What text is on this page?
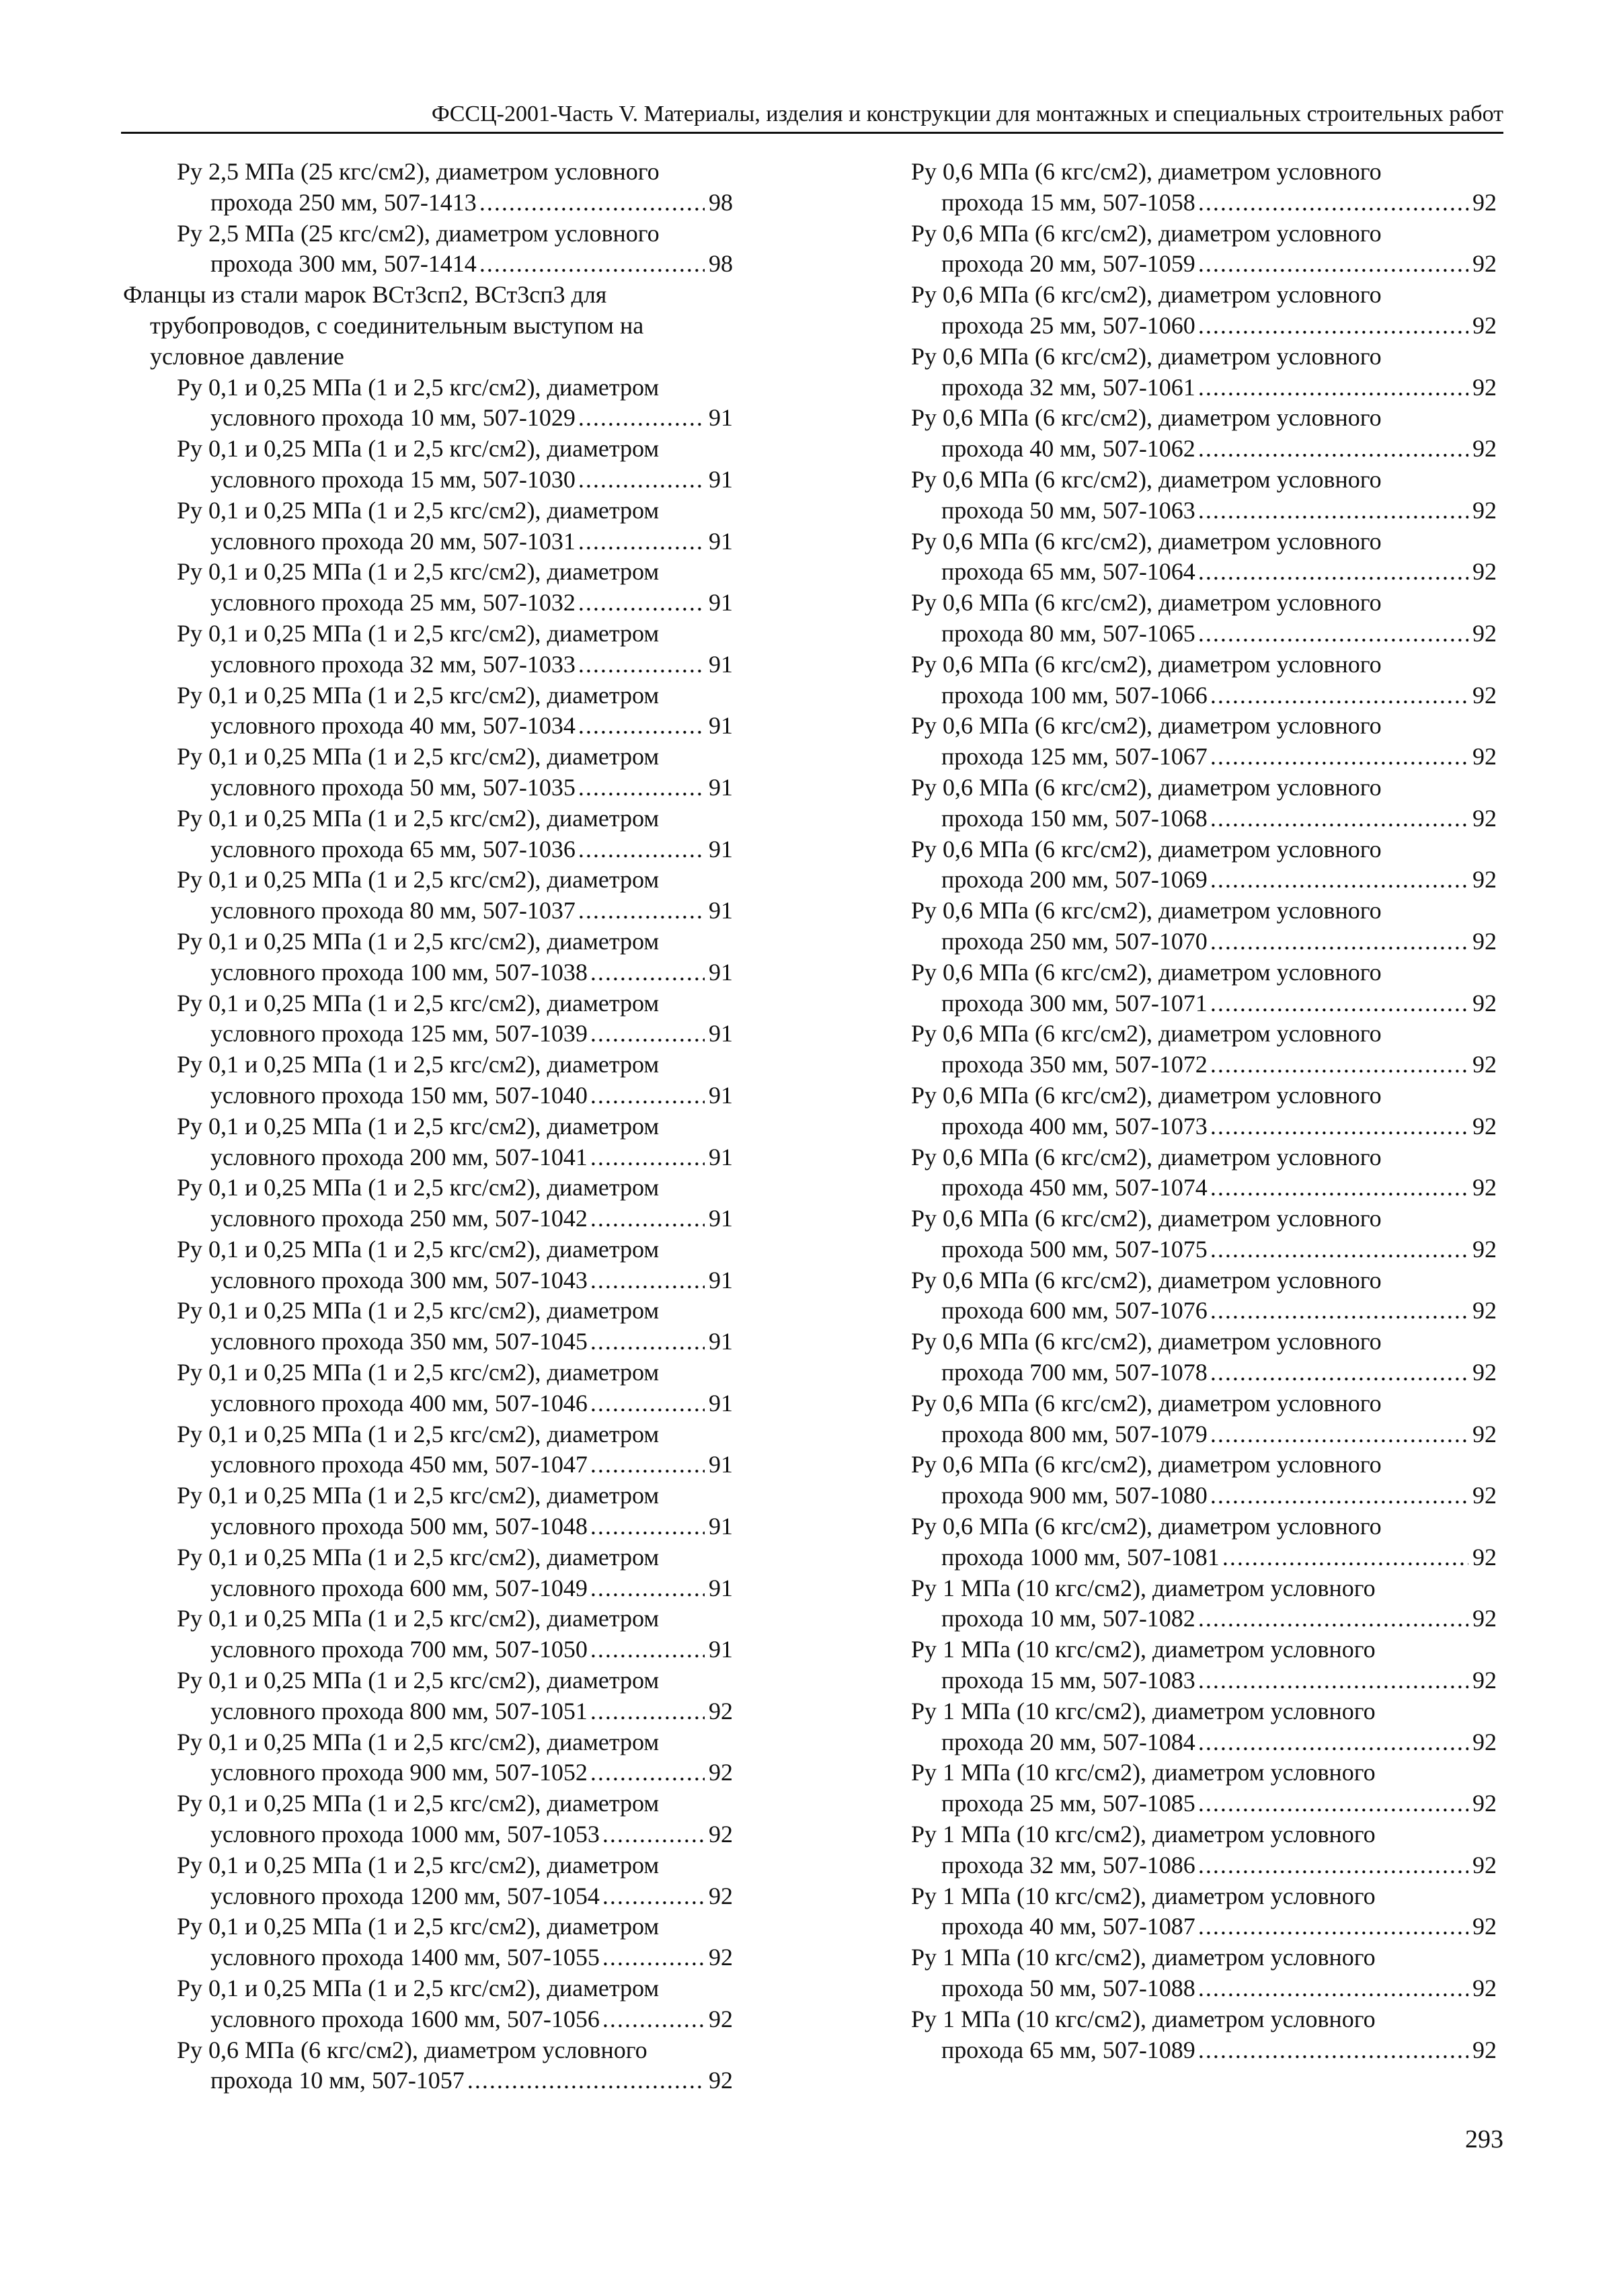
ФССЦ-2001-Часть V. Материалы, изделия и конструкции для монтажных и специальных строительных работ
Ру 2,5 МПа (25 кгс/см2), диаметром условного
прохода 250 мм, 507-1413 .....	98
Ру 2,5 МПа (25 кгс/см2), диаметром условного
прохода 300 мм, 507-1414 .....	98
Фланцы из стали марок ВСт3сп2, ВСт3сп3 для
трубопроводов, с соединительным выступом на
условное давление
Ру 0,1 и 0,25 МПа (1 и 2,5 кгс/см2), диаметром
условного прохода 10 мм, 507-1029 .....	91
Ру 0,1 и 0,25 МПа (1 и 2,5 кгс/см2), диаметром
условного прохода 15 мм, 507-1030 .....	91
Ру 0,1 и 0,25 МПа (1 и 2,5 кгс/см2), диаметром
условного прохода 20 мм, 507-1031 .....	91
Ру 0,1 и 0,25 МПа (1 и 2,5 кгс/см2), диаметром
условного прохода 25 мм, 507-1032 .....	91
Ру 0,1 и 0,25 МПа (1 и 2,5 кгс/см2), диаметром
условного прохода 32 мм, 507-1033 .....	91
Ру 0,1 и 0,25 МПа (1 и 2,5 кгс/см2), диаметром
условного прохода 40 мм, 507-1034 .....	91
Ру 0,1 и 0,25 МПа (1 и 2,5 кгс/см2), диаметром
условного прохода 50 мм, 507-1035 .....	91
Ру 0,1 и 0,25 МПа (1 и 2,5 кгс/см2), диаметром
условного прохода 65 мм, 507-1036 .....	91
Ру 0,1 и 0,25 МПа (1 и 2,5 кгс/см2), диаметром
условного прохода 80 мм, 507-1037 .....	91
Ру 0,1 и 0,25 МПа (1 и 2,5 кгс/см2), диаметром
условного прохода 100 мм, 507-1038 .....	91
Ру 0,1 и 0,25 МПа (1 и 2,5 кгс/см2), диаметром
условного прохода 125 мм, 507-1039 .....	91
Ру 0,1 и 0,25 МПа (1 и 2,5 кгс/см2), диаметром
условного прохода 150 мм, 507-1040 .....	91
Ру 0,1 и 0,25 МПа (1 и 2,5 кгс/см2), диаметром
условного прохода 200 мм, 507-1041 .....	91
Ру 0,1 и 0,25 МПа (1 и 2,5 кгс/см2), диаметром
условного прохода 250 мм, 507-1042 .....	91
Ру 0,1 и 0,25 МПа (1 и 2,5 кгс/см2), диаметром
условного прохода 300 мм, 507-1043 .....	91
Ру 0,1 и 0,25 МПа (1 и 2,5 кгс/см2), диаметром
условного прохода 350 мм, 507-1045 .....	91
Ру 0,1 и 0,25 МПа (1 и 2,5 кгс/см2), диаметром
условного прохода 400 мм, 507-1046 .....	91
Ру 0,1 и 0,25 МПа (1 и 2,5 кгс/см2), диаметром
условного прохода 450 мм, 507-1047 .....	91
Ру 0,1 и 0,25 МПа (1 и 2,5 кгс/см2), диаметром
условного прохода 500 мм, 507-1048 .....	91
Ру 0,1 и 0,25 МПа (1 и 2,5 кгс/см2), диаметром
условного прохода 600 мм, 507-1049 .....	91
Ру 0,1 и 0,25 МПа (1 и 2,5 кгс/см2), диаметром
условного прохода 700 мм, 507-1050 .....	91
Ру 0,1 и 0,25 МПа (1 и 2,5 кгс/см2), диаметром
условного прохода 800 мм, 507-1051 .....	92
Ру 0,1 и 0,25 МПа (1 и 2,5 кгс/см2), диаметром
условного прохода 900 мм, 507-1052 .....	92
Ру 0,1 и 0,25 МПа (1 и 2,5 кгс/см2), диаметром
условного прохода 1000 мм, 507-1053 .....	92
Ру 0,1 и 0,25 МПа (1 и 2,5 кгс/см2), диаметром
условного прохода 1200 мм, 507-1054 .....	92
Ру 0,1 и 0,25 МПа (1 и 2,5 кгс/см2), диаметром
условного прохода 1400 мм, 507-1055 .....	92
Ру 0,1 и 0,25 МПа (1 и 2,5 кгс/см2), диаметром
условного прохода 1600 мм, 507-1056 .....	92
Ру 0,6 МПа (6 кгс/см2), диаметром условного
прохода 10 мм, 507-1057 .....	92
Ру 0,6 МПа (6 кгс/см2), диаметром условного
прохода 15 мм, 507-1058 .....	92
Ру 0,6 МПа (6 кгс/см2), диаметром условного
прохода 20 мм, 507-1059 .....	92
Ру 0,6 МПа (6 кгс/см2), диаметром условного
прохода 25 мм, 507-1060 .....	92
Ру 0,6 МПа (6 кгс/см2), диаметром условного
прохода 32 мм, 507-1061 .....	92
Ру 0,6 МПа (6 кгс/см2), диаметром условного
прохода 40 мм, 507-1062 .....	92
Ру 0,6 МПа (6 кгс/см2), диаметром условного
прохода 50 мм, 507-1063 .....	92
Ру 0,6 МПа (6 кгс/см2), диаметром условного
прохода 65 мм, 507-1064 .....	92
Ру 0,6 МПа (6 кгс/см2), диаметром условного
прохода 80 мм, 507-1065 .....	92
Ру 0,6 МПа (6 кгс/см2), диаметром условного
прохода 100 мм, 507-1066 .....	92
Ру 0,6 МПа (6 кгс/см2), диаметром условного
прохода 125 мм, 507-1067 .....	92
Ру 0,6 МПа (6 кгс/см2), диаметром условного
прохода 150 мм, 507-1068 .....	92
Ру 0,6 МПа (6 кгс/см2), диаметром условного
прохода 200 мм, 507-1069 .....	92
Ру 0,6 МПа (6 кгс/см2), диаметром условного
прохода 250 мм, 507-1070 .....	92
Ру 0,6 МПа (6 кгс/см2), диаметром условного
прохода 300 мм, 507-1071 .....	92
Ру 0,6 МПа (6 кгс/см2), диаметром условного
прохода 350 мм, 507-1072 .....	92
Ру 0,6 МПа (6 кгс/см2), диаметром условного
прохода 400 мм, 507-1073 .....	92
Ру 0,6 МПа (6 кгс/см2), диаметром условного
прохода 450 мм, 507-1074 .....	92
Ру 0,6 МПа (6 кгс/см2), диаметром условного
прохода 500 мм, 507-1075 .....	92
Ру 0,6 МПа (6 кгс/см2), диаметром условного
прохода 600 мм, 507-1076 .....	92
Ру 0,6 МПа (6 кгс/см2), диаметром условного
прохода 700 мм, 507-1078 .....	92
Ру 0,6 МПа (6 кгс/см2), диаметром условного
прохода 800 мм, 507-1079 .....	92
Ру 0,6 МПа (6 кгс/см2), диаметром условного
прохода 900 мм, 507-1080 .....	92
Ру 0,6 МПа (6 кгс/см2), диаметром условного
прохода 1000 мм, 507-1081 .....	92
Ру 1 МПа (10 кгс/см2), диаметром условного
прохода 10 мм, 507-1082 .....	92
Ру 1 МПа (10 кгс/см2), диаметром условного
прохода 15 мм, 507-1083 .....	92
Ру 1 МПа (10 кгс/см2), диаметром условного
прохода 20 мм, 507-1084 .....	92
Ру 1 МПа (10 кгс/см2), диаметром условного
прохода 25 мм, 507-1085 .....	92
Ру 1 МПа (10 кгс/см2), диаметром условного
прохода 32 мм, 507-1086 .....	92
Ру 1 МПа (10 кгс/см2), диаметром условного
прохода 40 мм, 507-1087 .....	92
Ру 1 МПа (10 кгс/см2), диаметром условного
прохода 50 мм, 507-1088 .....	92
Ру 1 МПа (10 кгс/см2), диаметром условного
прохода 65 мм, 507-1089 .....	92
293
